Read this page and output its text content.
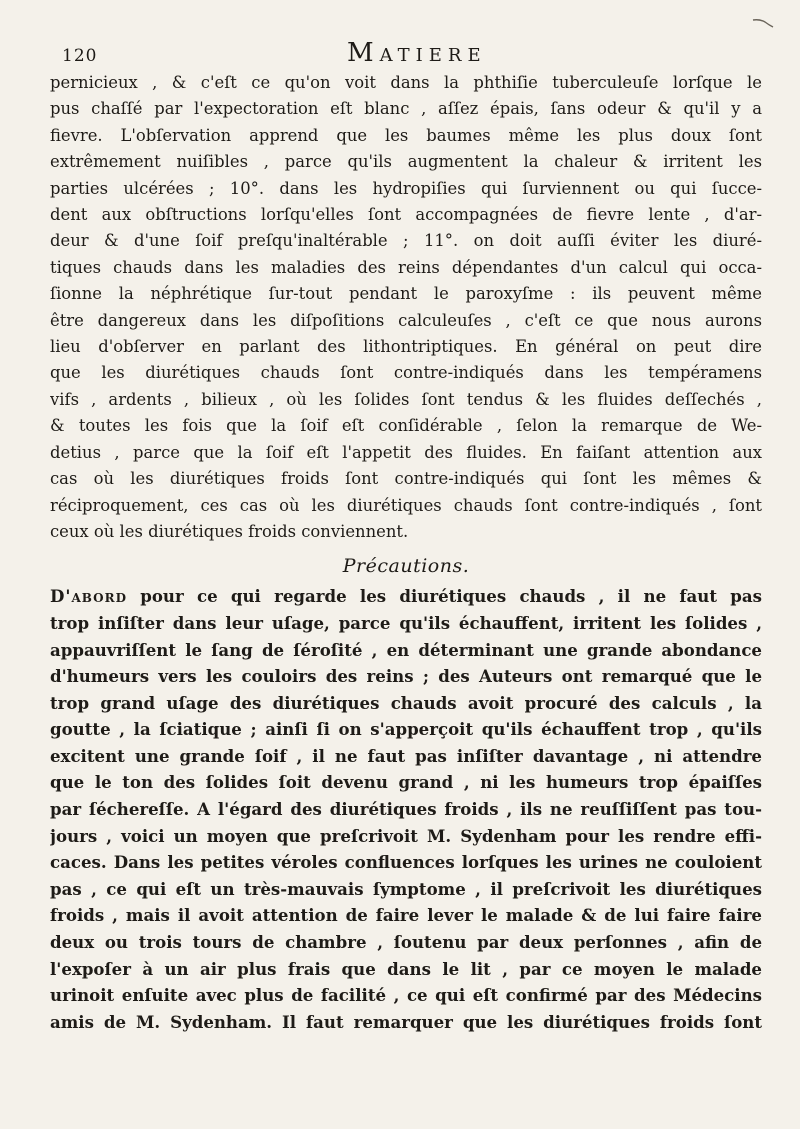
120	Matiere
pernicieux , & c'eſt ce qu'on voit dans la phthiſie tuberculeuſe lorſque le
pus chaſſé par l'expectoration eſt blanc , aſſez épais, ſans odeur & qu'il y a
fievre. L'obſervation apprend que les baumes même les plus doux ſont
extrêmement nuiſibles , parce qu'ils augmentent la chaleur & irritent les
parties ulcérées ; 10°. dans les hydropiſies qui ſurviennent ou qui ſucce-
dent aux obſtructions lorſqu'elles ſont accompagnées de fievre lente , d'ar-
deur & d'une ſoif preſqu'inaltérable ; 11°. on doit auſſi éviter les diuré-
tiques chauds dans les maladies des reins dépendantes d'un calcul qui occa-
ſionne la néphrétique ſur-tout pendant le paroxyſme : ils peuvent même
être dangereux dans les diſpoſitions calculeuſes , c'eſt ce que nous aurons
lieu d'obſerver en parlant des lithontriptiques. En général on peut dire
que les diurétiques chauds ſont contre-indiqués dans les tempéramens
vifs , ardents , bilieux , où les ſolides ſont tendus & les fluides deſſechés ,
& toutes les fois que la ſoif eſt conſidérable , ſelon la remarque de We-
detius , parce que la ſoif eſt l'appetit des fluides. En faiſant attention aux
cas où les diurétiques froids ſont contre-indiqués qui ſont les mêmes &
réciproquement, ces cas où les diurétiques chauds ſont contre-indiqués , ſont
ceux où les diurétiques froids conviennent.
Précautions.
D'abord pour ce qui regarde les diurétiques chauds , il ne faut pas
trop inſiſter dans leur uſage, parce qu'ils échauffent, irritent les ſolides ,
appauvriſſent le ſang de ſéroſité , en déterminant une grande abondance
d'humeurs vers les couloirs des reins ; des Auteurs ont remarqué que le
trop grand uſage des diurétiques chauds avoit procuré des calculs , la
goutte , la ſciatique ; ainſi ſi on s'apperçoit qu'ils échauffent trop , qu'ils
excitent une grande ſoif , il ne faut pas inſiſter davantage , ni attendre
que le ton des ſolides ſoit devenu grand , ni les humeurs trop épaiſſes
par ſéchereſſe. A l'égard des diurétiques froids , ils ne reuſſiſſent pas tou-
jours , voici un moyen que preſcrivoit M. Sydenham pour les rendre effi-
caces. Dans les petites véroles confluences lorſques les urines ne couloient
pas , ce qui eſt un très-mauvais ſymptome , il preſcrivoit les diurétiques
froids , mais il avoit attention de faire lever le malade & de lui faire faire
deux ou trois tours de chambre , ſoutenu par deux perſonnes , afin de
l'expoſer à un air plus frais que dans le lit , par ce moyen le malade
urinoit enſuite avec plus de facilité , ce qui eſt confirmé par des Médecins
amis de M. Sydenham. Il faut remarquer que les diurétiques froids ſont
